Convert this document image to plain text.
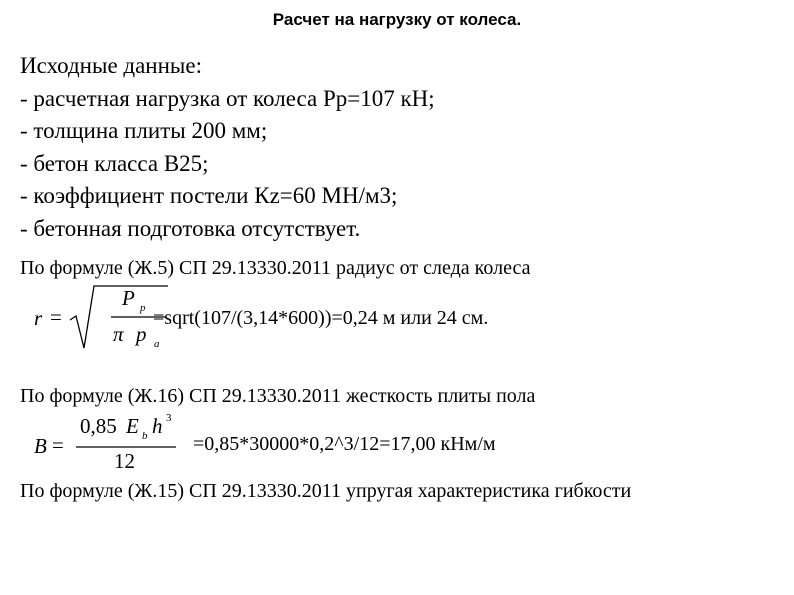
Расчет на нагрузку от колеса.
Исходные данные:
- расчетная нагрузка от колеса Рр=107 кН;
- толщина плиты 200 мм;
- бетон класса В25;
- коэффициент постели Кz=60 МН/м3;
- бетонная подготовка отсутствует.
По формуле (Ж.5) СП 29.13330.2011 радиус от следа колеса
r =
P p
π p a
=sqrt(107/(3,14*600))=0,24 м или 24 см.
По формуле (Ж.16) СП 29.13330.2011 жесткость плиты пола
B =
0,85 E b h 3
12
=0,85*30000*0,2^3/12=17,00 кНм/м
По формуле (Ж.15) СП 29.13330.2011 упругая характеристика гибкости
